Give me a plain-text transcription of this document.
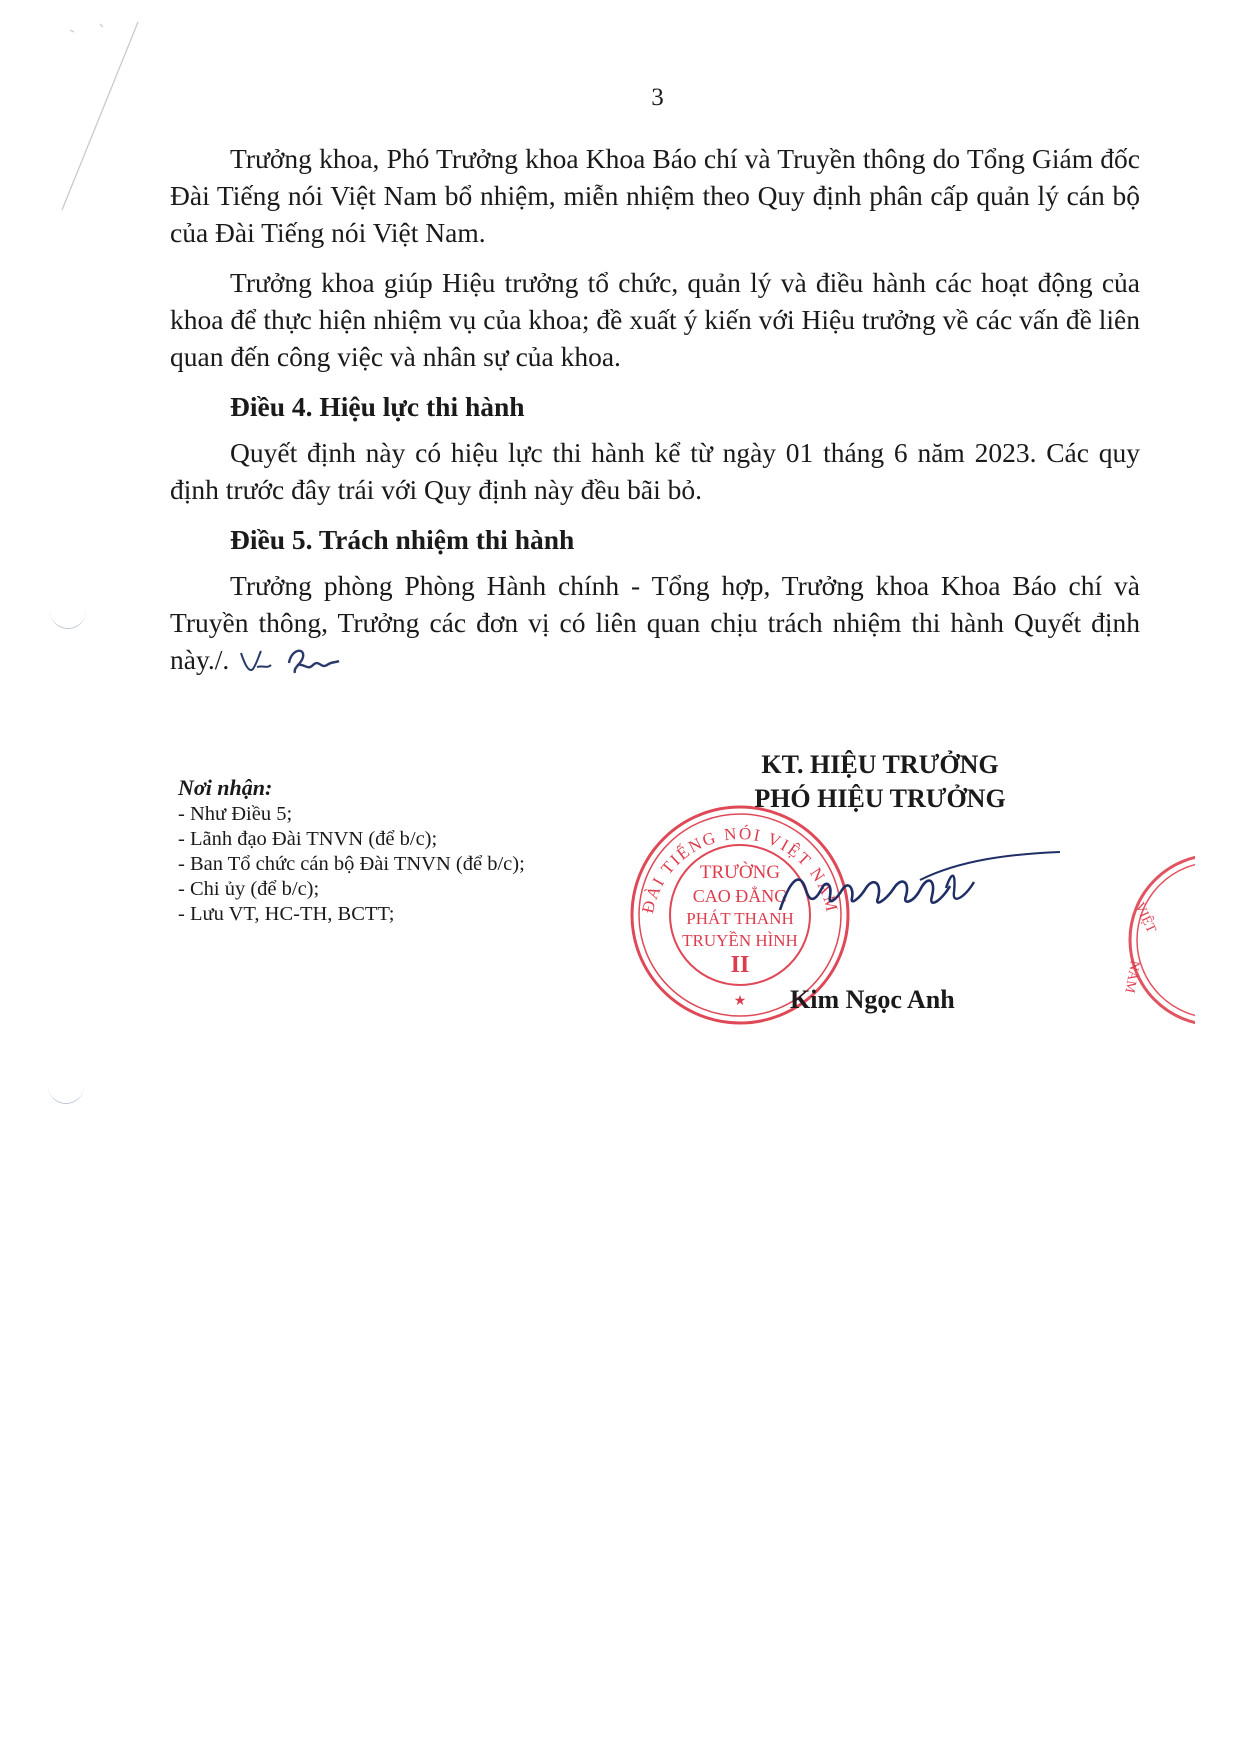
3

Trưởng khoa, Phó Trưởng khoa Khoa Báo chí và Truyền thông do Tổng Giám đốc Đài Tiếng nói Việt Nam bổ nhiệm, miễn nhiệm theo Quy định phân cấp quản lý cán bộ của Đài Tiếng nói Việt Nam.

Trưởng khoa giúp Hiệu trưởng tổ chức, quản lý và điều hành các hoạt động của khoa để thực hiện nhiệm vụ của khoa; đề xuất ý kiến với Hiệu trưởng về các vấn đề liên quan đến công việc và nhân sự của khoa.

Điều 4. Hiệu lực thi hành

Quyết định này có hiệu lực thi hành kể từ ngày 01 tháng 6 năm 2023. Các quy định trước đây trái với Quy định này đều bãi bỏ.

Điều 5. Trách nhiệm thi hành

Trưởng phòng Phòng Hành chính - Tổng hợp, Trưởng khoa Khoa Báo chí và Truyền thông, Trưởng các đơn vị có liên quan chịu trách nhiệm thi hành Quyết định này./.

Nơi nhận:

- Như Điều 5;

- Lãnh đạo Đài TNVN (để b/c);

- Ban Tổ chức cán bộ Đài TNVN (để b/c);

- Chi ủy (để b/c);

- Lưu VT, HC-TH, BCTT;

KT. HIỆU TRƯỞNG
PHÓ HIỆU TRƯỞNG
ĐÀI TIẾNG NÓI VIỆT NAM
TRƯỜNG
CAO ĐẲNG
PHÁT THANH
TRUYỀN HÌNH
II
★
VIỆT
NAM
Kim Ngọc Anh
